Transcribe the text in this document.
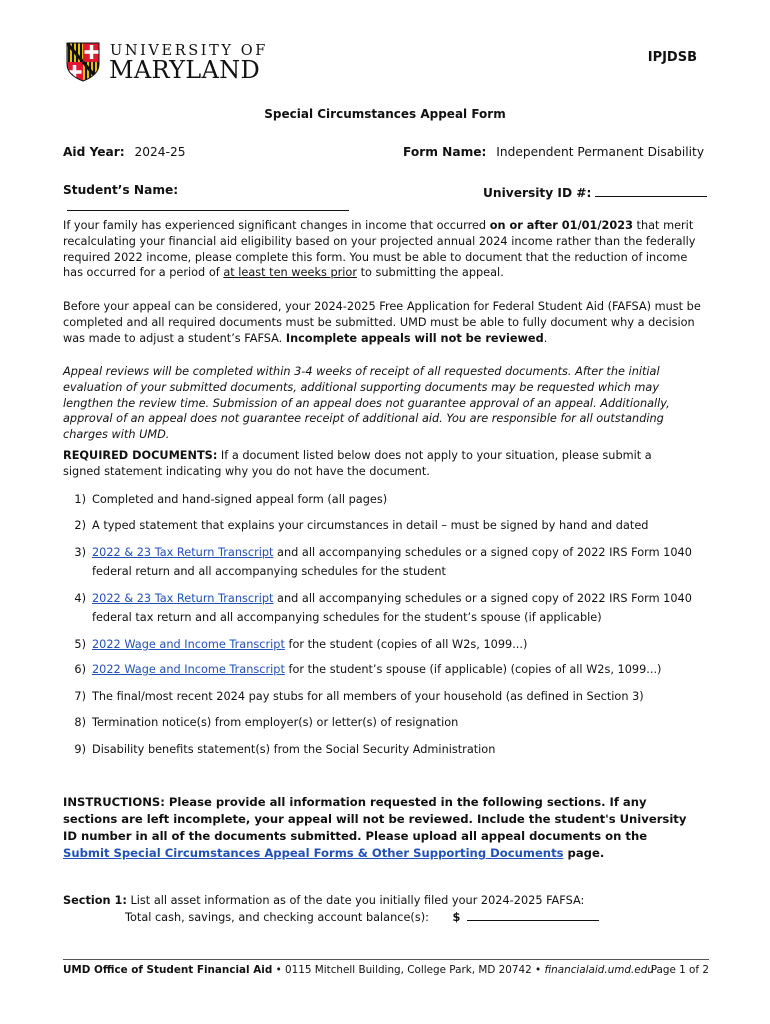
UNIVERSITY OF
MARYLAND	IPJDSB
Special Circumstances Appeal Form
Aid Year: 2024-25	Form Name: Independent Permanent Disability
Student’s Name:	University ID #:

If your family has experienced significant changes in income that occurred on or after 01/01/2023 that merit recalculating your financial aid eligibility based on your projected annual 2024 income rather than the federally required 2022 income, please complete this form. You must be able to document that the reduction of income has occurred for a period of at least ten weeks prior to submitting the appeal.

Before your appeal can be considered, your 2024-2025 Free Application for Federal Student Aid (FAFSA) must be completed and all required documents must be submitted. UMD must be able to fully document why a decision was made to adjust a student’s FAFSA. Incomplete appeals will not be reviewed.

Appeal reviews will be completed within 3-4 weeks of receipt of all requested documents. After the initial evaluation of your submitted documents, additional supporting documents may be requested which may lengthen the review time. Submission of an appeal does not guarantee approval of an appeal. Additionally, approval of an appeal does not guarantee receipt of additional aid. You are responsible for all outstanding charges with UMD.

REQUIRED DOCUMENTS: If a document listed below does not apply to your situation, please submit a signed statement indicating why you do not have the document.

1) Completed and hand-signed appeal form (all pages)
2) A typed statement that explains your circumstances in detail – must be signed by hand and dated
3) 2022 & 23 Tax Return Transcript and all accompanying schedules or a signed copy of 2022 IRS Form 1040 federal return and all accompanying schedules for the student
4) 2022 & 23 Tax Return Transcript and all accompanying schedules or a signed copy of 2022 IRS Form 1040 federal tax return and all accompanying schedules for the student’s spouse (if applicable)
5) 2022 Wage and Income Transcript for the student (copies of all W2s, 1099...)
6) 2022 Wage and Income Transcript for the student’s spouse (if applicable) (copies of all W2s, 1099...)
7) The final/most recent 2024 pay stubs for all members of your household (as defined in Section 3)
8) Termination notice(s) from employer(s) or letter(s) of resignation
9) Disability benefits statement(s) from the Social Security Administration

INSTRUCTIONS: Please provide all information requested in the following sections. If any sections are left incomplete, your appeal will not be reviewed. Include the student's University ID number in all of the documents submitted. Please upload all appeal documents on the Submit Special Circumstances Appeal Forms & Other Supporting Documents page.

Section 1: List all asset information as of the date you initially filed your 2024-2025 FAFSA:
Total cash, savings, and checking account balance(s): $
UMD Office of Student Financial Aid • 0115 Mitchell Building, College Park, MD 20742 • financialaid.umd.edu
Page 1 of 2
